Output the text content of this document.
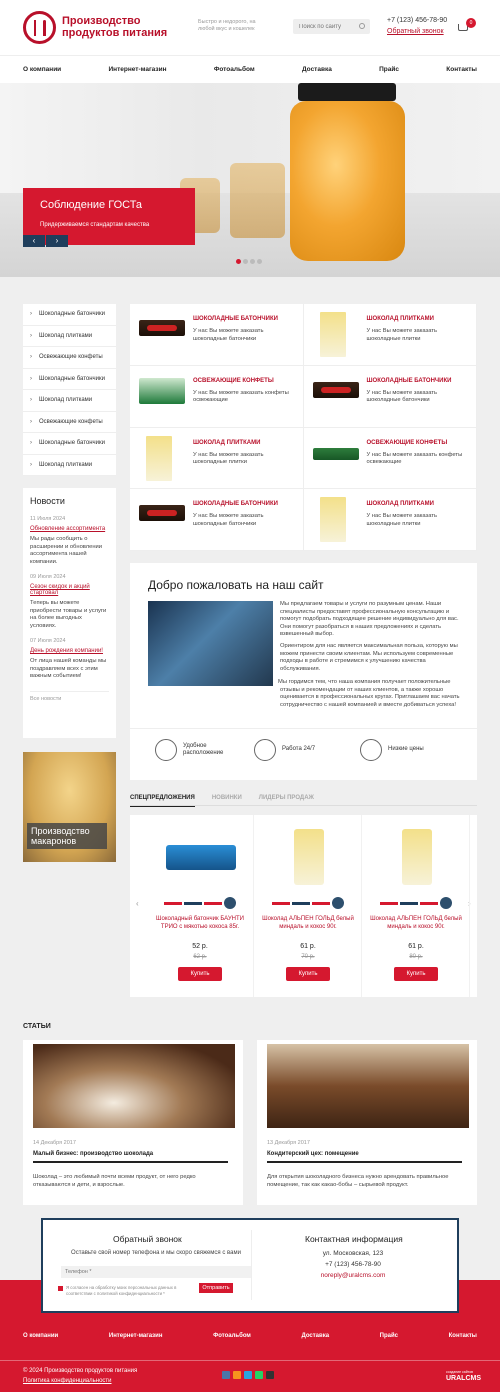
Производство продуктов питания
Быстро и недорого, на любой вкус и кошелек
Поиск по сайту
+7 (123) 456-78-90
Обратный звонок
0
О компании	Интернет-магазин	Фотоальбом	Доставка	Прайс	Контакты
Соблюдение ГОСТа
Придерживаемся стандартам качества
‹	›
› Шоколадные батончики
› Шоколад плитками
› Освежающие конфеты
› Шоколадные батончики
› Шоколад плитками
› Освежающие конфеты
› Шоколадные батончики
› Шоколад плитками
Новости
11 Июля 2024
Обновление ассортимента
Мы рады сообщить о расширении и обновлении ассортимента нашей компании.
09 Июля 2024
Сезон скидок и акций стартовал
Теперь вы можете приобрести товары и услуги на более выгодных условиях.
07 Июля 2024
День рождения компании!
От лица нашей команды мы поздравляем всех с этим важным событием!
Все новости
Производство макаронов
ШОКОЛАДНЫЕ БАТОНЧИКИ
У нас Вы можете заказать шоколадные батончики
ШОКОЛАД ПЛИТКАМИ
У нас Вы можете заказать шоколадные плитки
ОСВЕЖАЮЩИЕ КОНФЕТЫ
У нас Вы можете заказать конфеты освежающие
ШОКОЛАДНЫЕ БАТОНЧИКИ
У нас Вы можете заказать шоколадные батончики
ШОКОЛАД ПЛИТКАМИ
У нас Вы можете заказать шоколадные плитки
ОСВЕЖАЮЩИЕ КОНФЕТЫ
У нас Вы можете заказать конфеты освежающие
ШОКОЛАДНЫЕ БАТОНЧИКИ
У нас Вы можете заказать шоколадные батончики
ШОКОЛАД ПЛИТКАМИ
У нас Вы можете заказать шоколадные плитки
Добро пожаловать на наш сайт
Мы предлагаем товары и услуги по разумным ценам. Наши специалисты предоставят профессиональную консультацию и помогут подобрать подходящее решение индивидуально для вас. Они помогут разобраться в наших предложениях и сделать взвешенный выбор.
Ориентиром для нас является максимальная польза, которую мы можем принести своим клиентам. Мы используем современные подходы в работе и стремимся к улучшению качества обслуживания.
Мы гордимся тем, что наша компания получает положительные отзывы и рекомендации от наших клиентов, а также хорошо оценивается в профессиональных кругах. Приглашаем вас начать сотрудничество с нашей компанией и вместе добиваться успеха!
Удобное расположение
Работа 24/7	Низкие цены
СПЕЦПРЕДЛОЖЕНИЯ	НОВИНКИ	ЛИДЕРЫ ПРОДАЖ
‹	›
Шоколадный батончик БАУНТИ ТРИО с мякотью кокоса 85г.
52 р.
62 р.
Купить
Шоколад АЛЬПЕН ГОЛЬД белый миндаль и кокос 90г.
61 р.
70 р.
Купить
Шоколад АЛЬПЕН ГОЛЬД белый миндаль и кокос 90г.
61 р.
80 р.
Купить
СТАТЬИ
14 Декабря 2017
Малый бизнес: производство шоколада
Шоколад – это любимый почти всеми продукт, от него редко отказываются и дети, и взрослые.
13 Декабря 2017
Кондитерский цех: помещение
Для открытия шоколадного бизнеса нужно арендовать правильное помещение, так как какао-бобы – сырьевой продукт.
Обратный звонок
Оставьте свой номер телефона и мы скоро свяжемся с вами
Телефон *
Я согласен на обработку моих персональных данных в соответствии с политикой конфиденциальности *
Отправить
Контактная информация
ул. Московская, 123
+7 (123) 456-78-90
noreply@uralcms.com
О компании	Интернет-магазин	Фотоальбом	Доставка	Прайс	Контакты
© 2024 Производство продуктов питания
Политика конфиденциальности
создание сайтов
URALCMS
